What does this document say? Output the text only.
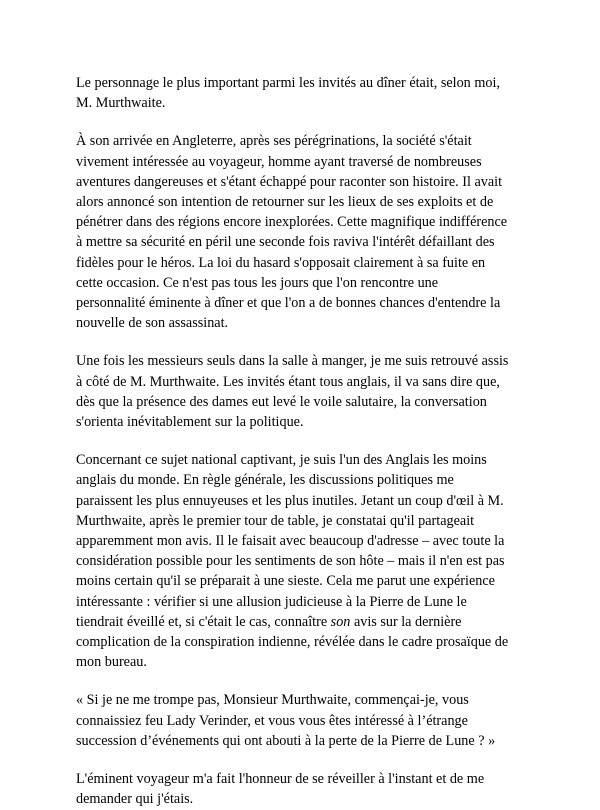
Le personnage le plus important parmi les invités au dîner était, selon moi,
M. Murthwaite.

À son arrivée en Angleterre, après ses pérégrinations, la société s'était
vivement intéressée au voyageur, homme ayant traversé de nombreuses
aventures dangereuses et s'étant échappé pour raconter son histoire. Il avait
alors annoncé son intention de retourner sur les lieux de ses exploits et de
pénétrer dans des régions encore inexplorées. Cette magnifique indifférence
à mettre sa sécurité en péril une seconde fois raviva l'intérêt défaillant des
fidèles pour le héros. La loi du hasard s'opposait clairement à sa fuite en
cette occasion. Ce n'est pas tous les jours que l'on rencontre une
personnalité éminente à dîner et que l'on a de bonnes chances d'entendre la
nouvelle de son assassinat.

Une fois les messieurs seuls dans la salle à manger, je me suis retrouvé assis
à côté de M. Murthwaite. Les invités étant tous anglais, il va sans dire que,
dès que la présence des dames eut levé le voile salutaire, la conversation
s'orienta inévitablement sur la politique.

Concernant ce sujet national captivant, je suis l'un des Anglais les moins
anglais du monde. En règle générale, les discussions politiques me
paraissent les plus ennuyeuses et les plus inutiles. Jetant un coup d'œil à M.
Murthwaite, après le premier tour de table, je constatai qu'il partageait
apparemment mon avis. Il le faisait avec beaucoup d'adresse – avec toute la
considération possible pour les sentiments de son hôte – mais il n'en est pas
moins certain qu'il se préparait à une sieste. Cela me parut une expérience
intéressante : vérifier si une allusion judicieuse à la Pierre de Lune le
tiendrait éveillé et, si c'était le cas, connaître son avis sur la dernière
complication de la conspiration indienne, révélée dans le cadre prosaïque de
mon bureau.

« Si je ne me trompe pas, Monsieur Murthwaite, commençai-je, vous
connaissiez feu Lady Verinder, et vous vous êtes intéressé à l’étrange
succession d’événements qui ont abouti à la perte de la Pierre de Lune ? »

L'éminent voyageur m'a fait l'honneur de se réveiller à l'instant et de me
demander qui j'étais.
